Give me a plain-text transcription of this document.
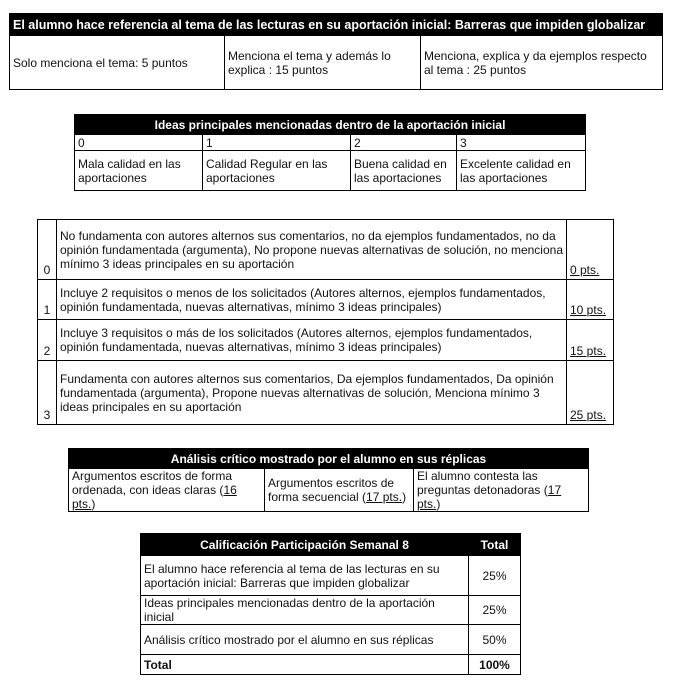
El alumno hace referencia al tema de las lecturas en su aportación inicial: Barreras que impiden globalizar
Solo menciona el tema: 5 puntos	Menciona el tema y además lo explica : 15 puntos	Menciona, explica y da ejemplos respecto al tema : 25 puntos
Ideas principales mencionadas dentro de la aportación inicial			
0	1	2	3
Mala calidad en las aportaciones	Calidad Regular en las aportaciones	Buena calidad en las aportaciones	Excelente calidad en las aportaciones
0	No fundamenta con autores alternos sus comentarios, no da ejemplos fundamentados, no da opinión fundamentada (argumenta), No propone nuevas alternativas de solución, no menciona mínimo 3 ideas principales en su aportación	0 pts.
1	Incluye 2 requisitos o menos de los solicitados (Autores alternos, ejemplos fundamentados, opinión fundamentada, nuevas alternativas, mínimo 3 ideas principales)	10 pts.
2	Incluye 3 requisitos o más de los solicitados (Autores alternos, ejemplos fundamentados, opinión fundamentada, nuevas alternativas, mínimo 3 ideas principales)	15 pts.
3	Fundamenta con autores alternos sus comentarios, Da ejemplos fundamentados, Da opinión fundamentada (argumenta), Propone nuevas alternativas de solución, Menciona mínimo 3 ideas principales en su aportación	25 pts.
Análisis crítico mostrado por el alumno en sus réplicas
Argumentos escritos de forma ordenada, con ideas claras (16 pts.)	Argumentos escritos de forma secuencial (17 pts.)	El alumno contesta las preguntas detonadoras (17 pts.)
Calificación Participación Semanal 8	Total
El alumno hace referencia al tema de las lecturas en su aportación inicial: Barreras que impiden globalizar	25%
Ideas principales mencionadas dentro de la aportación inicial	25%
Análisis crítico mostrado por el alumno en sus réplicas	50%
Total	100%
